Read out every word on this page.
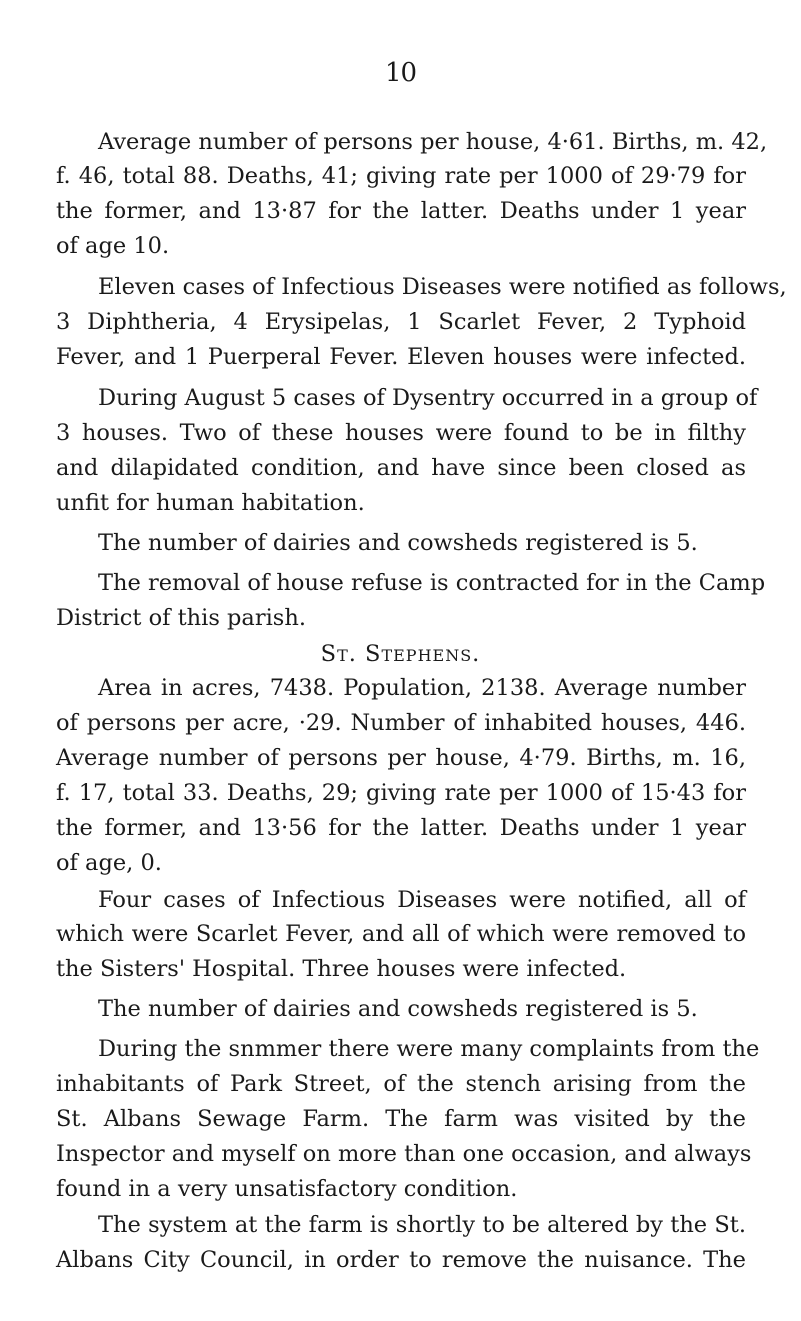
10

Average number of persons per house, 4·61. Births, m. 42,

f. 46, total 88. Deaths, 41; giving rate per 1000 of 29·79 for

the former, and 13·87 for the latter. Deaths under 1 year

of age 10.

Eleven cases of Infectious Diseases were notified as follows,

3 Diphtheria, 4 Erysipelas, 1 Scarlet Fever, 2 Typhoid

Fever, and 1 Puerperal Fever. Eleven houses were infected.

During August 5 cases of Dysentry occurred in a group of

3 houses. Two of these houses were found to be in filthy

and dilapidated condition, and have since been closed as

unfit for human habitation.

The number of dairies and cowsheds registered is 5.

The removal of house refuse is contracted for in the Camp

District of this parish.

St. Stephens.

Area in acres, 7438. Population, 2138. Average number

of persons per acre, ·29. Number of inhabited houses, 446.

Average number of persons per house, 4·79. Births, m. 16,

f. 17, total 33. Deaths, 29; giving rate per 1000 of 15·43 for

the former, and 13·56 for the latter. Deaths under 1 year

of age, 0.

Four cases of Infectious Diseases were notified, all of

which were Scarlet Fever, and all of which were removed to

the Sisters' Hospital. Three houses were infected.

The number of dairies and cowsheds registered is 5.

During the snmmer there were many complaints from the

inhabitants of Park Street, of the stench arising from the

St. Albans Sewage Farm. The farm was visited by the

Inspector and myself on more than one occasion, and always

found in a very unsatisfactory condition.

The system at the farm is shortly to be altered by the St.

Albans City Council, in order to remove the nuisance. The
